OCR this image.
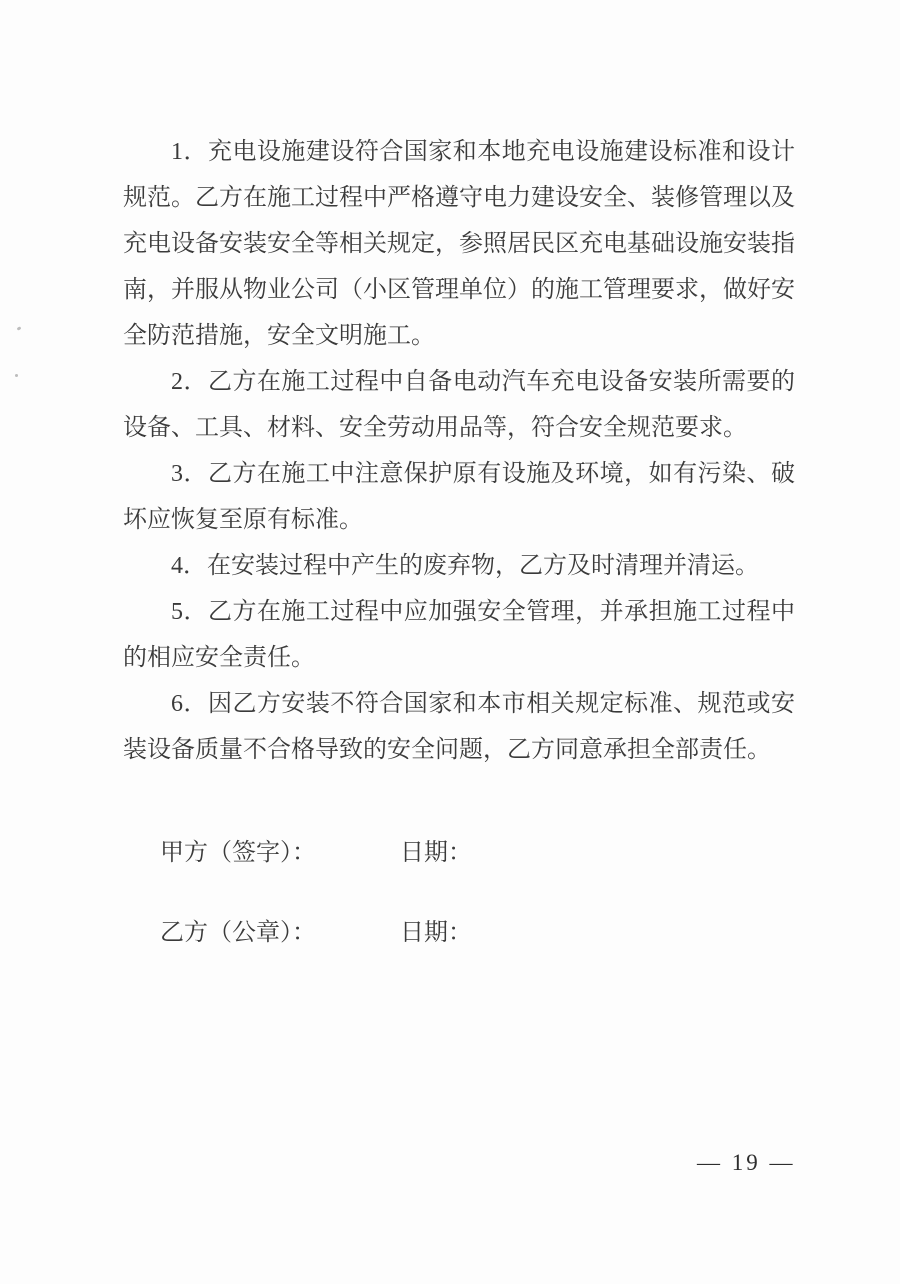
1．充电设施建设符合国家和本地充电设施建设标准和设计规范。乙方在施工过程中严格遵守电力建设安全、装修管理以及充电设备安装安全等相关规定，参照居民区充电基础设施安装指南，并服从物业公司（小区管理单位）的施工管理要求，做好安全防范措施，安全文明施工。

2．乙方在施工过程中自备电动汽车充电设备安装所需要的设备、工具、材料、安全劳动用品等，符合安全规范要求。

3．乙方在施工中注意保护原有设施及环境，如有污染、破坏应恢复至原有标准。

4．在安装过程中产生的废弃物，乙方及时清理并清运。

5．乙方在施工过程中应加强安全管理，并承担施工过程中的相应安全责任。

6．因乙方安装不符合国家和本市相关规定标准、规范或安装设备质量不合格导致的安全问题，乙方同意承担全部责任。

甲方（签字）：	日期：
乙方（公章）：	日期：
— 19 —
